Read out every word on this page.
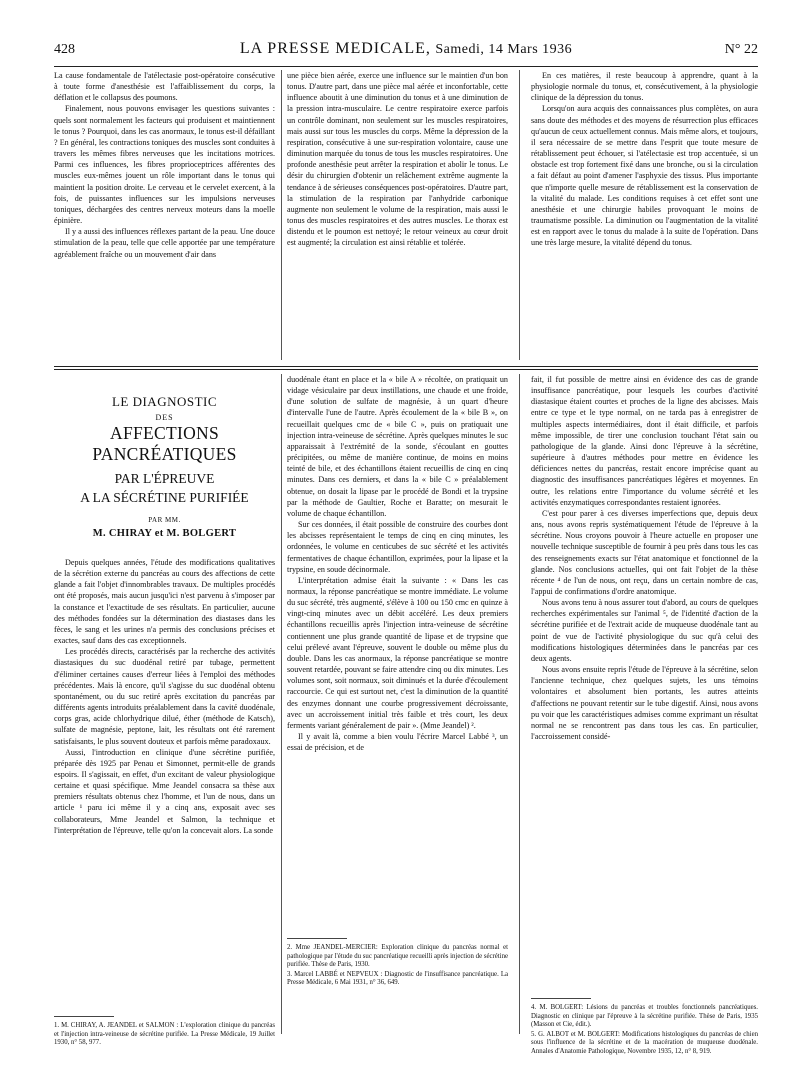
428	LA PRESSE MEDICALE, Samedi, 14 Mars 1936	N° 22

La cause fondamentale de l'atélectasie post-opératoire consécutive à toute forme d'anesthésie est l'affaiblissement du corps, la déflation et le collapsus des poumons.

Finalement, nous pouvons envisager les questions suivantes : quels sont normalement les facteurs qui produisent et maintiennent le tonus ? Pourquoi, dans les cas anormaux, le tonus est-il défaillant ? En général, les contractions toniques des muscles sont conduites à travers les mêmes fibres nerveuses que les incitations motrices. Parmi ces influences, les fibres proprioceptrices afférentes des muscles eux-mêmes jouent un rôle important dans le tonus qui maintient la position droite. Le cerveau et le cervelet exercent, à la fois, de puissantes influences sur les impulsions nerveuses toniques, déchargées des centres nerveux moteurs dans la moelle épinière.

Il y a aussi des influences réflexes partant de la peau. Une douce stimulation de la peau, telle que celle apportée par une température agréablement fraîche ou un mouvement d'air dans

une pièce bien aérée, exerce une influence sur le maintien d'un bon tonus. D'autre part, dans une pièce mal aérée et inconfortable, cette influence aboutit à une diminution du tonus et à une diminution de la pression intra-musculaire. Le centre respiratoire exerce parfois un contrôle dominant, non seulement sur les muscles respiratoires, mais aussi sur tous les muscles du corps. Même la dépression de la respiration, consécutive à une sur-respiration volontaire, cause une diminution marquée du tonus de tous les muscles respiratoires. Une profonde anesthésie peut arrêter la respiration et abolir le tonus. Le désir du chirurgien d'obtenir un relâchement extrême augmente la tendance à de sérieuses conséquences post-opératoires. D'autre part, la stimulation de la respiration par l'anhydride carbonique augmente non seulement le volume de la respiration, mais aussi le tonus des muscles respiratoires et des autres muscles. Le thorax est distendu et le poumon est nettoyé; le retour veineux au cœur droit est augmenté; la circulation est ainsi rétablie et tolérée.

En ces matières, il reste beaucoup à apprendre, quant à la physiologie normale du tonus, et, consécutivement, à la physiologie clinique de la dépression du tonus.

Lorsqu'on aura acquis des connaissances plus complètes, on aura sans doute des méthodes et des moyens de résurrection plus efficaces qu'aucun de ceux actuellement connus. Mais même alors, et toujours, il sera nécessaire de se mettre dans l'esprit que toute mesure de rétablissement peut échouer, si l'atélectasie est trop accentuée, si un obstacle est trop fortement fixé dans une bronche, ou si la circulation a fait défaut au point d'amener l'asphyxie des tissus. Plus importante que n'importe quelle mesure de rétablissement est la conservation de la vitalité du malade. Les conditions requises à cet effet sont une anesthésie et une chirurgie habiles provoquant le moins de traumatisme possible. La diminution ou l'augmentation de la vitalité est en rapport avec le tonus du malade à la suite de l'opération. Dans une très large mesure, la vitalité dépend du tonus.

LE DIAGNOSTIC
DES
AFFECTIONS PANCRÉATIQUES
PAR L'ÉPREUVE
A LA SÉCRÉTINE PURIFIÉE
PAR MM.
M. CHIRAY et M. BOLGERT

Depuis quelques années, l'étude des modifications qualitatives de la sécrétion externe du pancréas au cours des affections de cette glande a fait l'objet d'innombrables travaux. De multiples procédés ont été proposés, mais aucun jusqu'ici n'est parvenu à s'imposer par la constance et l'exactitude de ses résultats. En particulier, aucune des méthodes fondées sur la détermination des diastases dans les fèces, le sang et les urines n'a permis des conclusions précises et exactes, sauf dans des cas exceptionnels.

Les procédés directs, caractérisés par la recherche des activités diastasiques du suc duodénal retiré par tubage, permettent d'éliminer certaines causes d'erreur liées à l'emploi des méthodes précédentes. Mais là encore, qu'il s'agisse du suc duodénal obtenu spontanément, ou du suc retiré après excitation du pancréas par différents agents introduits préalablement dans la cavité duodénale, corps gras, acide chlorhydrique dilué, éther (méthode de Katsch), sulfate de magnésie, peptone, lait, les résultats ont été rarement satisfaisants, le plus souvent douteux et parfois même paradoxaux.

Aussi, l'introduction en clinique d'une sécrétine purifiée, préparée dès 1925 par Penau et Simonnet, permit-elle de grands espoirs. Il s'agissait, en effet, d'un excitant de valeur physiologique certaine et quasi spécifique. Mme Jeandel consacra sa thèse aux premiers résultats obtenus chez l'homme, et l'un de nous, dans un article ¹ paru ici même il y a cinq ans, exposait avec ses collaborateurs, Mme Jeandel et Salmon, la technique et l'interprétation de l'épreuve, telle qu'on la concevait alors. La sonde

duodénale étant en place et la « bile A » récoltée, on pratiquait un vidage vésiculaire par deux instillations, une chaude et une froide, d'une solution de sulfate de magnésie, à un quart d'heure d'intervalle l'une de l'autre. Après écoulement de la « bile B », on recueillait quelques cmc de « bile C », puis on pratiquait une injection intra-veineuse de sécrétine. Après quelques minutes le suc apparaissait à l'extrémité de la sonde, s'écoulant en gouttes précipitées, ou même de manière continue, de moins en moins teinté de bile, et des échantillons étaient recueillis de cinq en cinq minutes. Dans ces derniers, et dans la « bile C » préalablement obtenue, on dosait la lipase par le procédé de Bondi et la trypsine par la méthode de Gaultier, Roche et Baratte; on mesurait le volume de chaque échantillon.

Sur ces données, il était possible de construire des courbes dont les abcisses représentaient le temps de cinq en cinq minutes, les ordonnées, le volume en centicubes de suc sécrété et les activités fermentatives de chaque échantillon, exprimées, pour la lipase et la trypsine, en soude décinormale.

L'interprétation admise était la suivante : « Dans les cas normaux, la réponse pancréatique se montre immédiate. Le volume du suc sécrété, très augmenté, s'élève à 100 ou 150 cmc en quinze à vingt-cinq minutes avec un débit accéléré. Les deux premiers échantillons recueillis après l'injection intra-veineuse de sécrétine contiennent une plus grande quantité de lipase et de trypsine que celui prélevé avant l'épreuve, souvent le double ou même plus du double. Dans les cas anormaux, la réponse pancréatique se montre souvent retardée, pouvant se faire attendre cinq ou dix minutes. Les volumes sont, soit normaux, soit diminués et la durée d'écoulement raccourcie. Ce qui est surtout net, c'est la diminution de la quantité des enzymes donnant une courbe progressivement décroissante, avec un accroissement initial très faible et très court, les deux ferments variant généralement de pair ». (Mme Jeandel) ².

Il y avait là, comme a bien voulu l'écrire Marcel Labbé ³, un essai de précision, et de

fait, il fut possible de mettre ainsi en évidence des cas de grande insuffisance pancréatique, pour lesquels les courbes d'activité diastasique étaient courtes et proches de la ligne des abcisses. Mais entre ce type et le type normal, on ne tarda pas à enregistrer de multiples aspects intermédiaires, dont il était difficile, et parfois même impossible, de tirer une conclusion touchant l'état sain ou pathologique de la glande. Ainsi donc l'épreuve à la sécrétine, supérieure à d'autres méthodes pour mettre en évidence les déficiences nettes du pancréas, restait encore imprécise quant au diagnostic des insuffisances pancréatiques légères et moyennes. En outre, les relations entre l'importance du volume sécrété et les activités enzymatiques correspondantes restaient ignorées.

C'est pour parer à ces diverses imperfections que, depuis deux ans, nous avons repris systématiquement l'étude de l'épreuve à la sécrétine. Nous croyons pouvoir à l'heure actuelle en proposer une nouvelle technique susceptible de fournir à peu près dans tous les cas des renseignements exacts sur l'état anatomique et fonctionnel de la glande. Nos conclusions actuelles, qui ont fait l'objet de la thèse récente ⁴ de l'un de nous, ont reçu, dans un certain nombre de cas, l'appui de confirmations d'ordre anatomique.

Nous avons tenu à nous assurer tout d'abord, au cours de quelques recherches expérimentales sur l'animal ⁵, de l'identité d'action de la sécrétine purifiée et de l'extrait acide de muqueuse duodénale tant au point de vue de l'activité physiologique du suc qu'à celui des modifications histologiques déterminées dans le pancréas par ces deux agents.

Nous avons ensuite repris l'étude de l'épreuve à la sécrétine, selon l'ancienne technique, chez quelques sujets, les uns témoins volontaires et absolument bien portants, les autres atteints d'affections ne pouvant retentir sur le tube digestif. Ainsi, nous avons pu voir que les caractéristiques admises comme exprimant un résultat normal ne se rencontrent pas dans tous les cas. En particulier, l'accroissement considé-

1. M. CHIRAY, A. JEANDEL et SALMON : L'exploration clinique du pancréas et l'injection intra-veineuse de sécrétine purifiée. La Presse Médicale, 19 Juillet 1930, n° 58, 977.
2. Mme JEANDEL-MERCIER: Exploration clinique du pancréas normal et pathologique par l'étude du suc pancréatique recueilli après injection de sécrétine purifiée. Thèse de Paris, 1930.
3. Marcel LABBÉ et NEPVEUX : Diagnostic de l'insuffisance pancréatique. La Presse Médicale, 6 Mai 1931, n° 36, 649.
4. M. BOLGERT: Lésions du pancréas et troubles fonctionnels pancréatiques. Diagnostic en clinique par l'épreuve à la sécrétine purifiée. Thèse de Paris, 1935 (Masson et Cie, édit.).
5. G. ALBOT et M. BOLGERT: Modifications histologiques du pancréas de chien sous l'influence de la sécrétine et de la macération de muqueuse duodénale. Annales d'Anatomie Pathologique, Novembre 1935, 12, n° 8, 919.
